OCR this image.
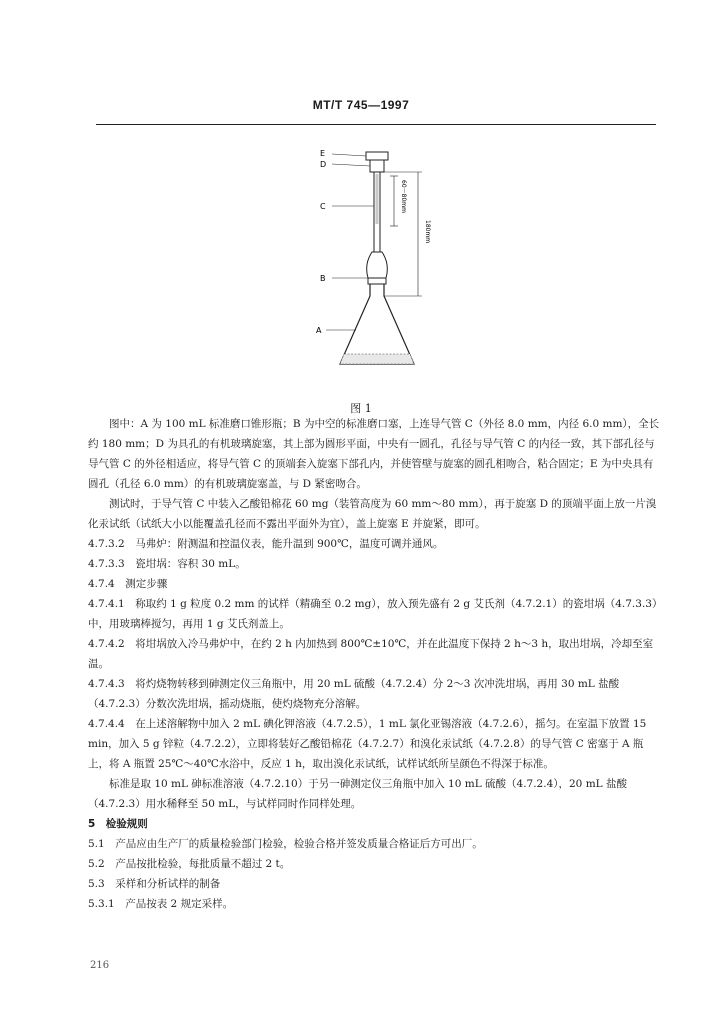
MT/T 745—1997
E
D
C
B
A
60～80mm
180mm
图 1

图中：A 为 100 mL 标准磨口锥形瓶；B 为中空的标准磨口塞，上连导气管 C（外径 8.0 mm，内径 6.0 mm），全长约 180 mm；D 为具孔的有机玻璃旋塞，其上部为圆形平面，中央有一圆孔，孔径与导气管 C 的内径一致，其下部孔径与导气管 C 的外径相适应，将导气管 C 的顶端套入旋塞下部孔内，并使管壁与旋塞的圆孔相吻合，粘合固定；E 为中央具有圆孔（孔径 6.0 mm）的有机玻璃旋塞盖，与 D 紧密吻合。

测试时，于导气管 C 中装入乙酸铅棉花 60 mg（装管高度为 60 mm～80 mm），再于旋塞 D 的顶端平面上放一片溴化汞试纸（试纸大小以能覆盖孔径而不露出平面外为宜），盖上旋塞 E 并旋紧，即可。

4.7.3.2　马弗炉：附测温和控温仪表，能升温到 900℃，温度可调并通风。

4.7.3.3　瓷坩埚：容积 30 mL。

4.7.4　测定步骤

4.7.4.1　称取约 1 g 粒度 0.2 mm 的试样（精确至 0.2 mg），放入预先盛有 2 g 艾氏剂（4.7.2.1）的瓷坩埚（4.7.3.3）中，用玻璃棒搅匀，再用 1 g 艾氏剂盖上。

4.7.4.2　将坩埚放入冷马弗炉中，在约 2 h 内加热到 800℃±10℃，并在此温度下保持 2 h～3 h，取出坩埚，冷却至室温。

4.7.4.3　将灼烧物转移到砷测定仪三角瓶中，用 20 mL 硫酸（4.7.2.4）分 2～3 次冲洗坩埚，再用 30 mL 盐酸（4.7.2.3）分数次洗坩埚，摇动烧瓶，使灼烧物充分溶解。

4.7.4.4　在上述溶解物中加入 2 mL 碘化钾溶液（4.7.2.5），1 mL 氯化亚锡溶液（4.7.2.6），摇匀。在室温下放置 15 min，加入 5 g 锌粒（4.7.2.2），立即将装好乙酸铅棉花（4.7.2.7）和溴化汞试纸（4.7.2.8）的导气管 C 密塞于 A 瓶上，将 A 瓶置 25℃～40℃水浴中，反应 1 h，取出溴化汞试纸，试样试纸所呈颜色不得深于标准。

标准是取 10 mL 砷标准溶液（4.7.2.10）于另一砷测定仪三角瓶中加入 10 mL 硫酸（4.7.2.4），20 mL 盐酸（4.7.2.3）用水稀释至 50 mL，与试样同时作同样处理。

5　检验规则

5.1　产品应由生产厂的质量检验部门检验，检验合格并签发质量合格证后方可出厂。

5.2　产品按批检验，每批质量不超过 2 t。

5.3　采样和分析试样的制备

5.3.1　产品按表 2 规定采样。

216
